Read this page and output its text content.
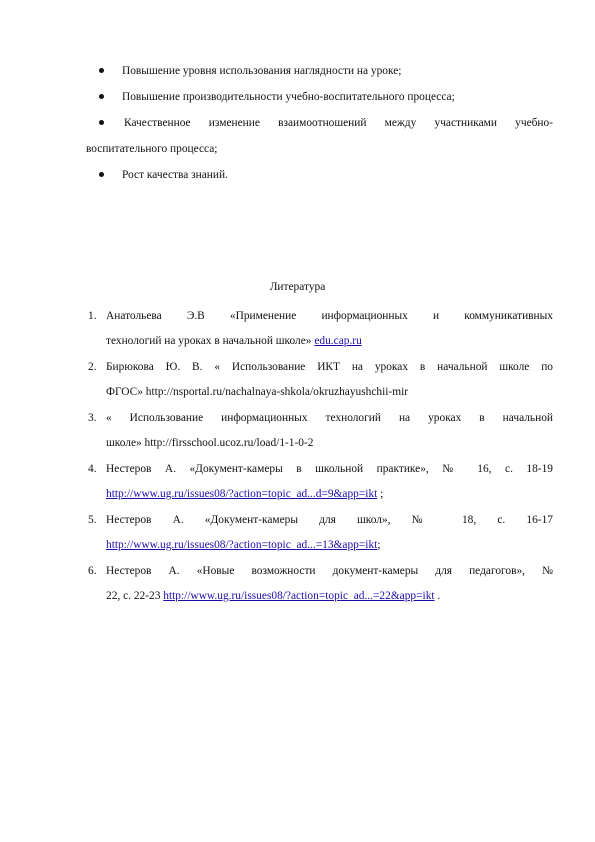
Повышение уровня использования наглядности на уроке;
Повышение производительности учебно-воспитательного процесса;
Качественное изменение взаимоотношений между участниками учебно-
воспитательного процесса;
Рост качества знаний.
Литература
1. Анатольева Э.В «Применение информационных и коммуникативных
технологий на уроках в начальной школе» edu.cap.ru
2. Бирюкова Ю. В. « Использование ИКТ на уроках в начальной школе по
ФГОС» http://nsportal.ru/nachalnaya-shkola/okruzhayushchii-mir
3. « Использование информационных технологий на уроках в начальной
школе» http://firsschool.ucoz.ru/load/1-1-0-2
4. Нестеров А. «Документ-камеры в школьной практике», № 16, с. 18-19
http://www.ug.ru/issues08/?action=topic_ad...d=9&app=ikt ;
5. Нестеров А. «Документ-камеры для школ», № 18, с. 16-17
http://www.ug.ru/issues08/?action=topic_ad...=13&app=ikt;
6. Нестеров А. «Новые возможности документ-камеры для педагогов», №
22, с. 22-23 http://www.ug.ru/issues08/?action=topic_ad...=22&app=ikt .
